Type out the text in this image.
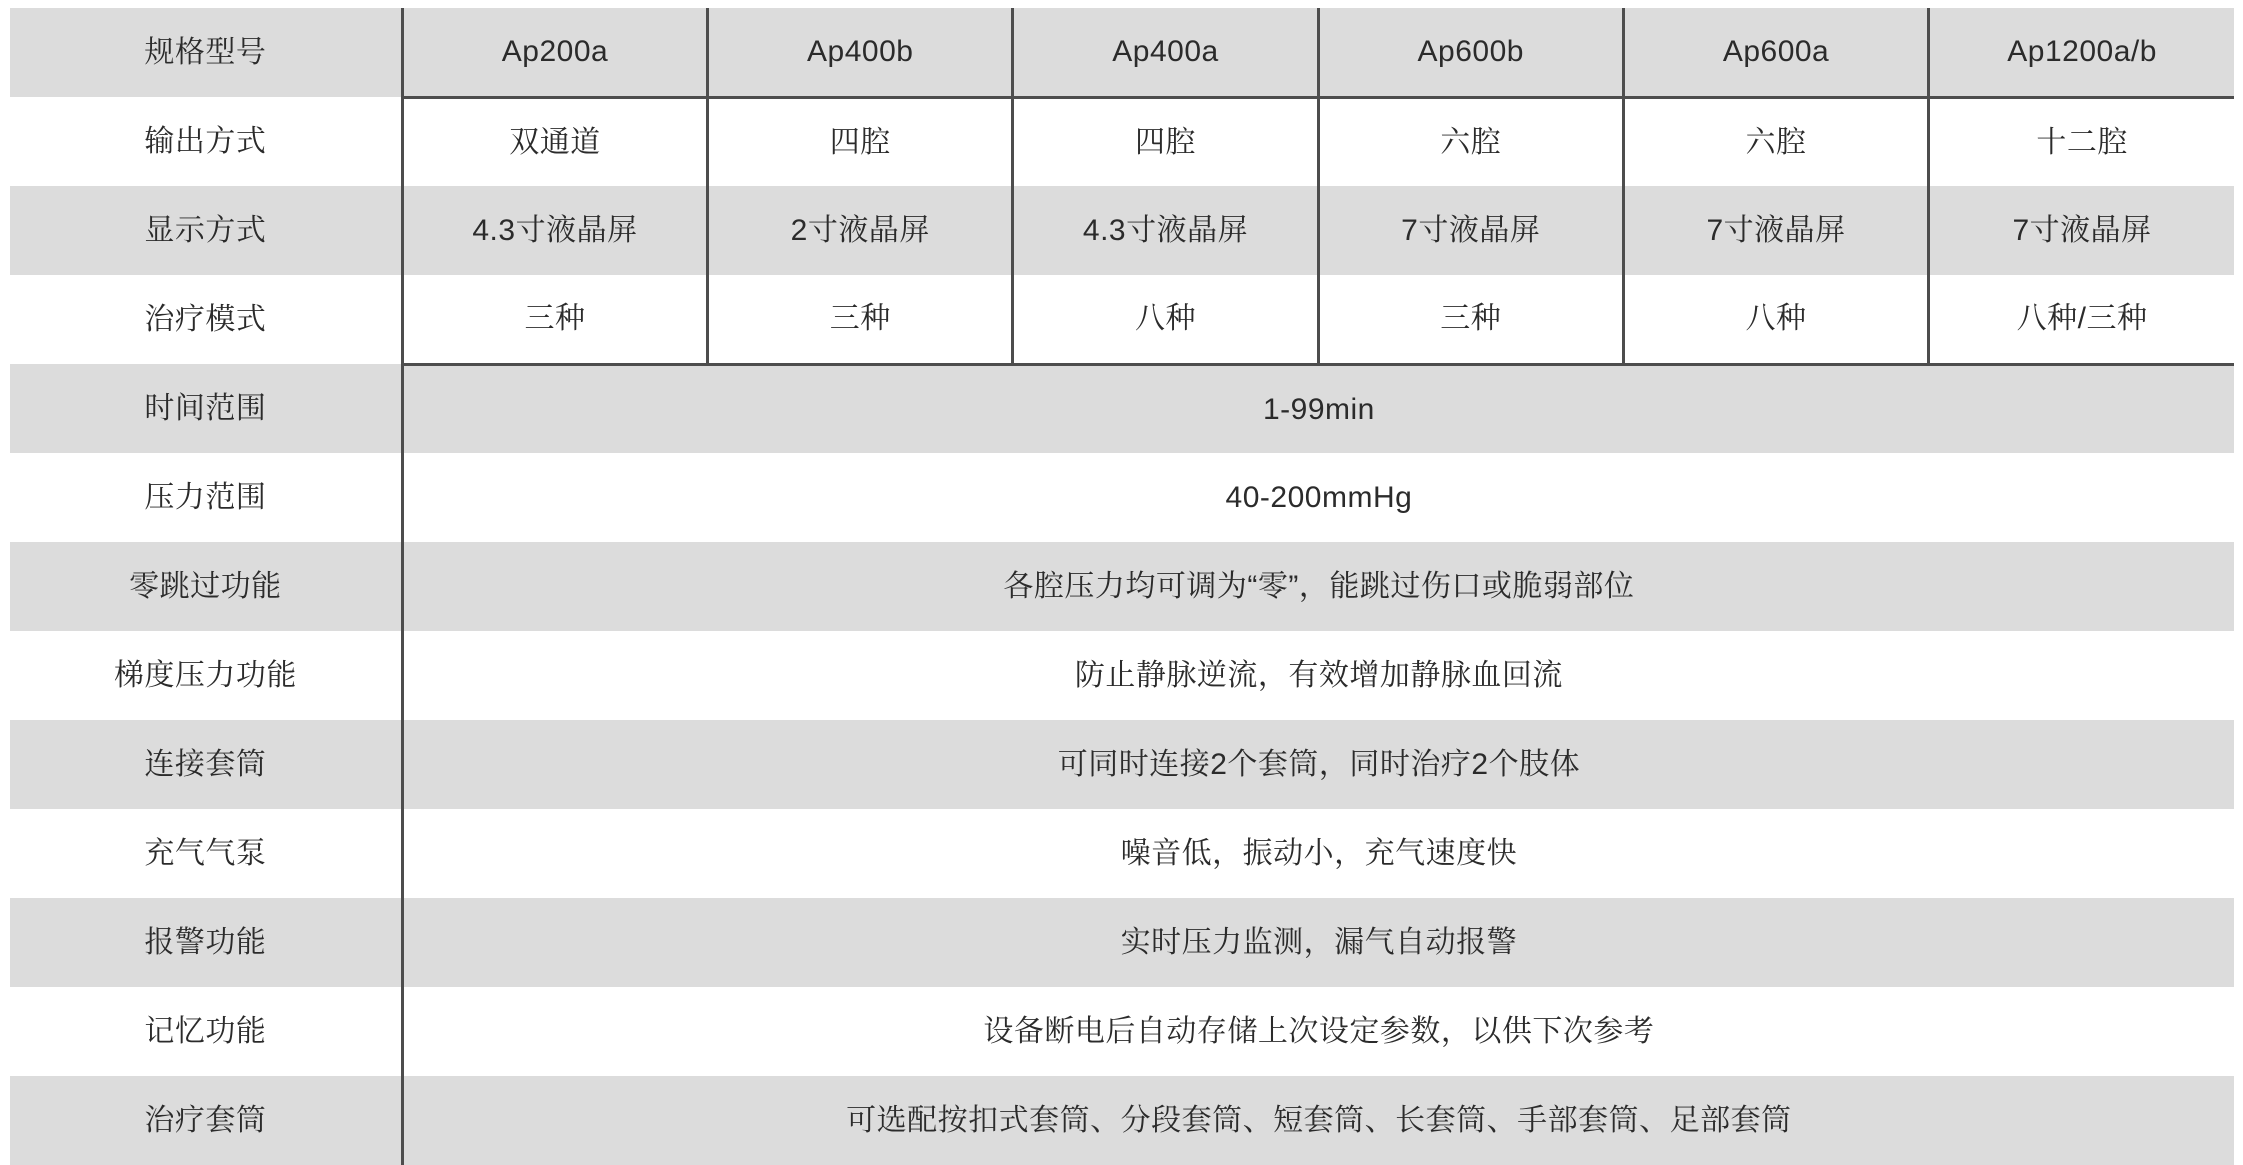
规格型号	Ap200a	Ap400b	Ap400a	Ap600b	Ap600a	Ap1200a/b
输出方式	双通道	四腔	四腔	六腔	六腔	十二腔
显示方式	4.3寸液晶屏	2寸液晶屏	4.3寸液晶屏	7寸液晶屏	7寸液晶屏	7寸液晶屏
治疗模式	三种	三种	八种	三种	八种	八种/三种
时间范围	1-99min					
压力范围	40-200mmHg					
零跳过功能	各腔压力均可调为“零”，能跳过伤口或脆弱部位					
梯度压力功能	防止静脉逆流，有效增加静脉血回流					
连接套筒	可同时连接2个套筒，同时治疗2个肢体					
充气气泵	噪音低，振动小，充气速度快					
报警功能	实时压力监测，漏气自动报警					
记忆功能	设备断电后自动存储上次设定参数，以供下次参考					
治疗套筒	可选配按扣式套筒、分段套筒、短套筒、长套筒、手部套筒、足部套筒					
